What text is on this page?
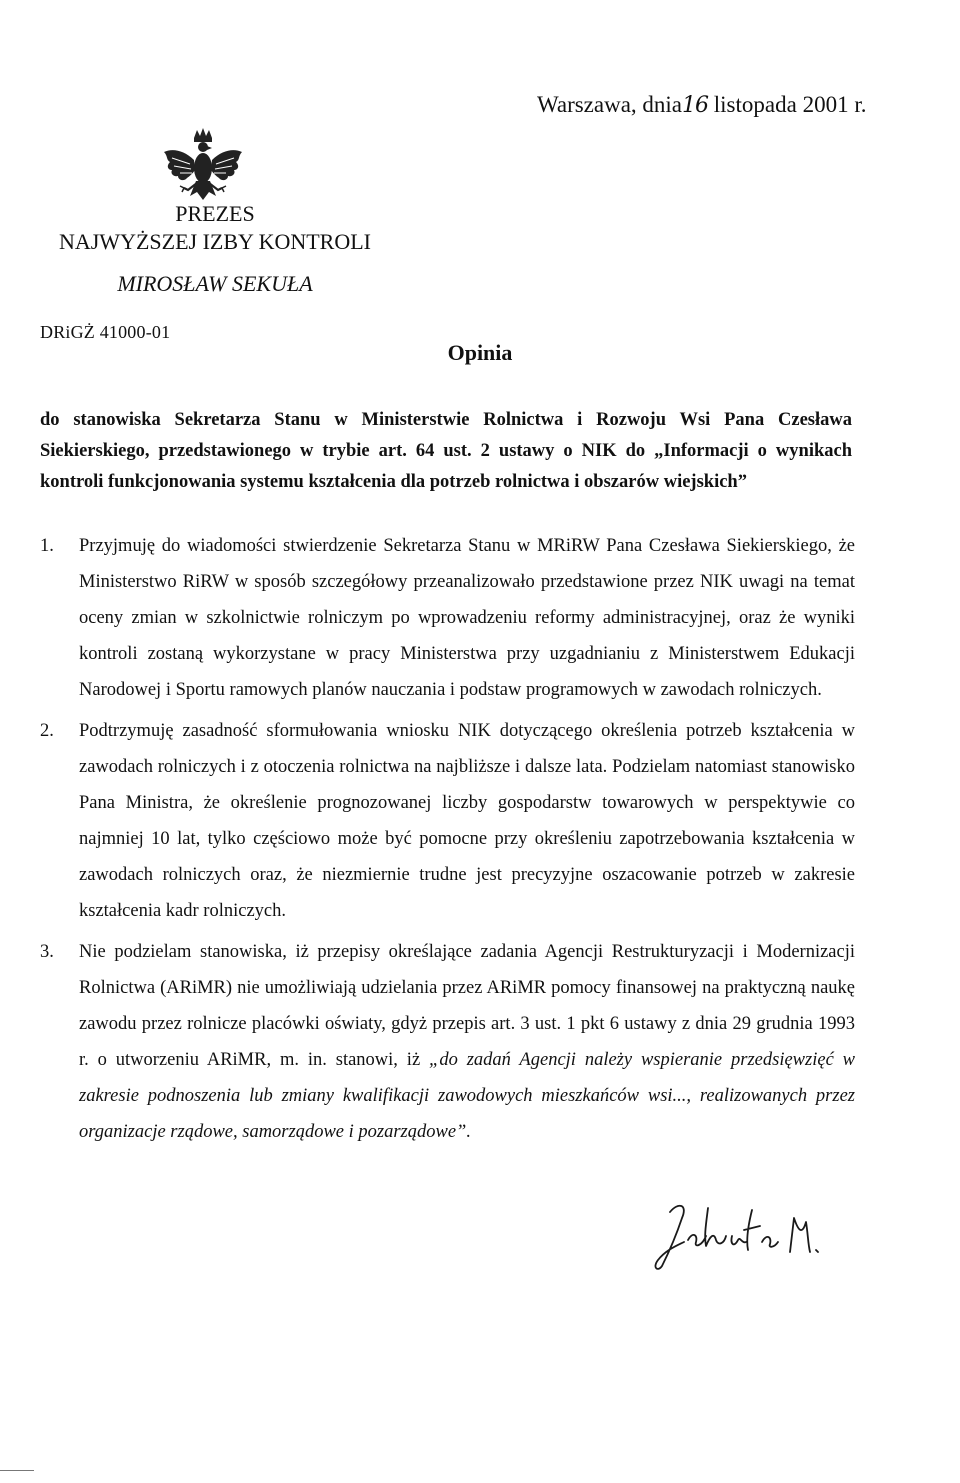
Warszawa, dnia16 listopada 2001 r.
PREZES
NAJWYŻSZEJ IZBY KONTROLI
MIROSŁAW SEKUŁA
DRiGŻ 41000-01
Opinia

do stanowiska Sekretarza Stanu w Ministerstwie Rolnictwa i Rozwoju Wsi Pana Czesława Siekierskiego, przedstawionego w trybie art. 64 ust. 2 ustawy o NIK do „Informacji o wynikach kontroli funkcjonowania systemu kształcenia dla potrzeb rolnictwa i obszarów wiejskich”

1. Przyjmuję do wiadomości stwierdzenie Sekretarza Stanu w MRiRW Pana Czesława Siekierskiego, że Ministerstwo RiRW w sposób szczegółowy przeanalizowało przedstawione przez NIK uwagi na temat oceny zmian w szkolnictwie rolniczym po wprowadzeniu reformy administracyjnej, oraz że wyniki kontroli zostaną wykorzystane w pracy Ministerstwa przy uzgadnianiu z Ministerstwem Edukacji Narodowej i Sportu ramowych planów nauczania i podstaw programowych w zawodach rolniczych.
2. Podtrzymuję zasadność sformułowania wniosku NIK dotyczącego określenia potrzeb kształcenia w zawodach rolniczych i z otoczenia rolnictwa na najbliższe i dalsze lata. Podzielam natomiast stanowisko Pana Ministra, że określenie prognozowanej liczby gospodarstw towarowych w perspektywie co najmniej 10 lat, tylko częściowo może być pomocne przy określeniu zapotrzebowania kształcenia w zawodach rolniczych oraz, że niezmiernie trudne jest precyzyjne oszacowanie potrzeb w zakresie kształcenia kadr rolniczych.
3. Nie podzielam stanowiska, iż przepisy określające zadania Agencji Restrukturyzacji i Modernizacji Rolnictwa (ARiMR) nie umożliwiają udzielania przez ARiMR pomocy finansowej na praktyczną naukę zawodu przez rolnicze placówki oświaty, gdyż przepis art. 3 ust. 1 pkt 6 ustawy z dnia 29 grudnia 1993 r. o utworzeniu ARiMR, m. in. stanowi, iż „do zadań Agencji należy wspieranie przedsięwzięć w zakresie podnoszenia lub zmiany kwalifikacji zawodowych mieszkańców wsi..., realizowanych przez organizacje rządowe, samorządowe i pozarządowe”.
